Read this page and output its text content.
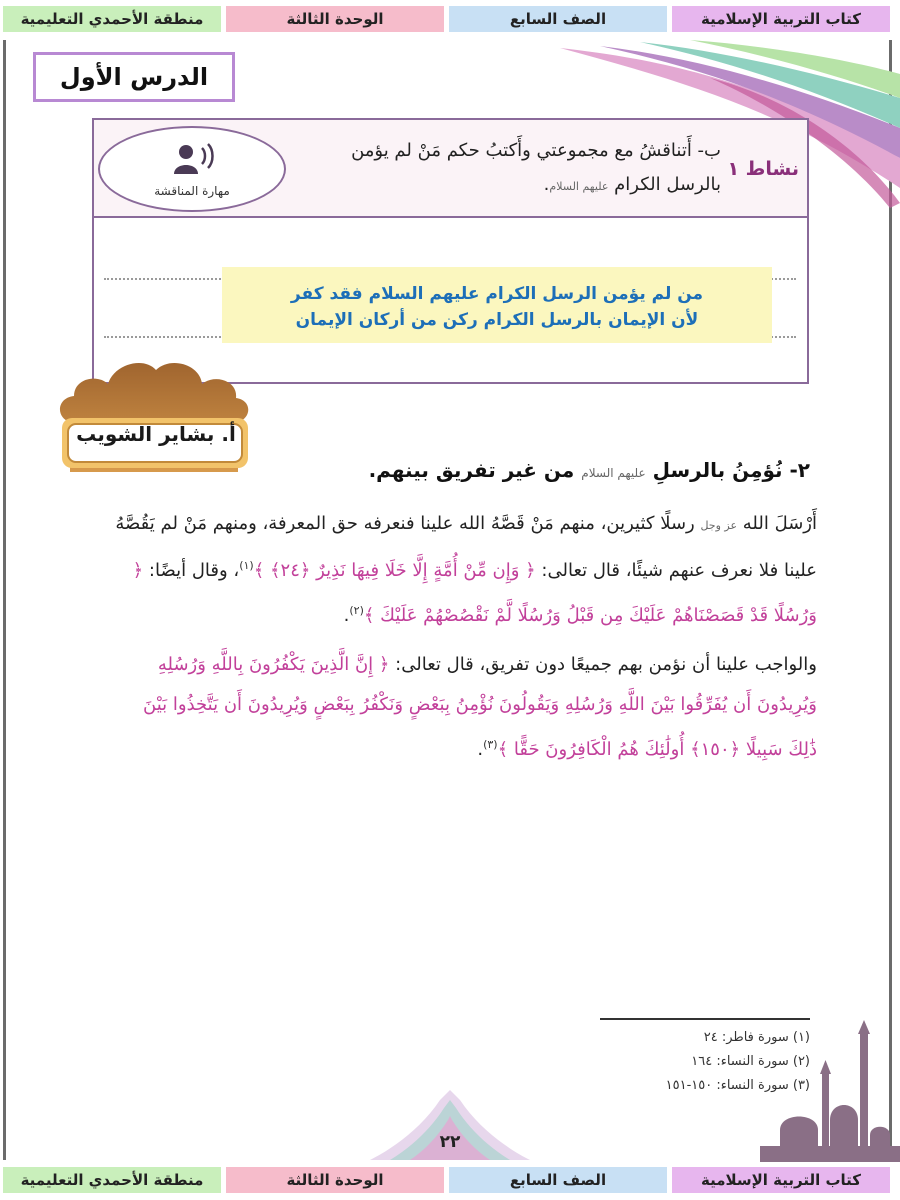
كتاب التربية الإسلامية
الصف السابع
الوحدة الثالثة
منطقة الأحمدي التعليمية
الدرس الأول
نشاط ١
ب- أَتناقشُ مع مجموعتي وأَكتبُ حكم مَنْ لم يؤمن
بالرسل الكرام عليهم السلام.
مهارة المناقشة
من لم يؤمن الرسل الكرام عليهم السلام فقد كفر
لأن الإيمان بالرسل الكرام ركن من أركان الإيمان
أ. بشاير الشويب
٢- نُؤمِنُ بالرسلِ عليهم السلام من غير تفريق بينهم.
أَرْسَلَ الله عز وجل رسلًا كثيرين، منهم مَنْ قَصَّهُ الله علينا فنعرفه حق المعرفة، ومنهم مَنْ لم يَقُصَّهُ علينا فلا نعرف عنهم شيئًا، قال تعالى: ﴿ وَإِن مِّنْ أُمَّةٍ إِلَّا خَلَا فِيهَا نَذِيرٌ ﴿٢٤﴾ ﴾$^{(١)}$، وقال أيضًا: ﴿ وَرُسُلًا قَدْ قَصَصْنَاهُمْ عَلَيْكَ مِن قَبْلُ وَرُسُلًا لَّمْ نَقْصُصْهُمْ عَلَيْكَ ﴾$^{(٢)}$.
والواجب علينا أن نؤمن بهم جميعًا دون تفريق، قال تعالى: ﴿ إِنَّ الَّذِينَ يَكْفُرُونَ بِاللَّهِ وَرُسُلِهِ وَيُرِيدُونَ أَن يُفَرِّقُوا بَيْنَ اللَّهِ وَرُسُلِهِ وَيَقُولُونَ نُؤْمِنُ بِبَعْضٍ وَنَكْفُرُ بِبَعْضٍ وَيُرِيدُونَ أَن يَتَّخِذُوا بَيْنَ ذَٰلِكَ سَبِيلًا ﴿١٥٠﴾ أُولَٰئِكَ هُمُ الْكَافِرُونَ حَقًّا ﴾$^{(٣)}$.
(١) سورة فاطر: ٢٤
(٢) سورة النساء: ١٦٤
(٣) سورة النساء: ١٥٠-١٥١
٢٢
كتاب التربية الإسلامية
الصف السابع
الوحدة الثالثة
منطقة الأحمدي التعليمية
